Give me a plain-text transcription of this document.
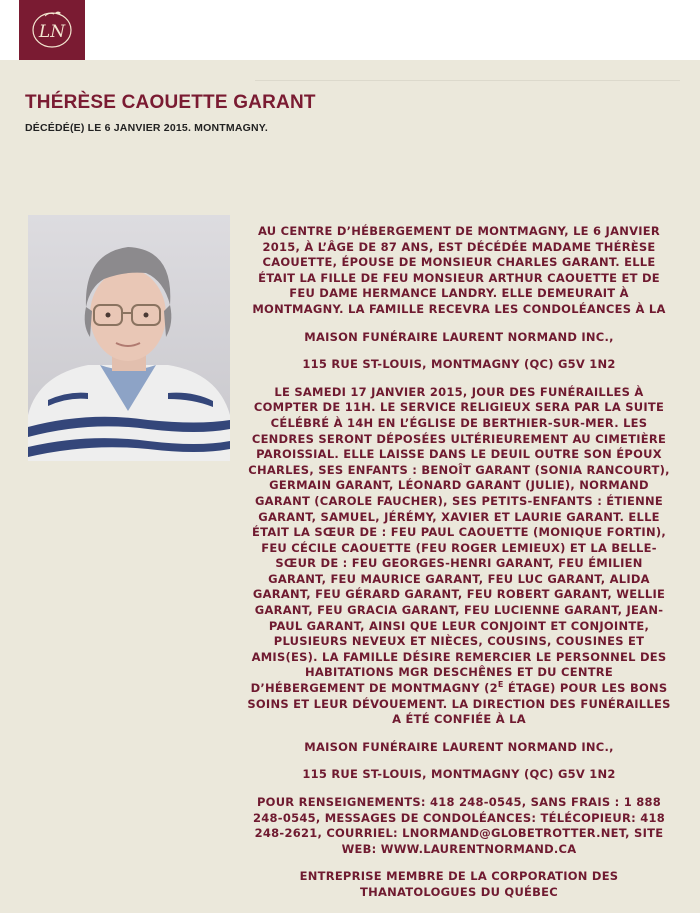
LN
THÉRÈSE CAOUETTE GARANT
DÉCÉDÉ(E) LE 6 JANVIER 2015. MONTMAGNY.

AU CENTRE D’HÉBERGEMENT DE MONTMAGNY, LE 6 JANVIER 2015, À L’ÂGE DE 87 ANS, EST DÉCÉDÉE MADAME THÉRÈSE CAOUETTE, ÉPOUSE DE MONSIEUR CHARLES GARANT. ELLE ÉTAIT LA FILLE DE FEU MONSIEUR ARTHUR CAOUETTE ET DE FEU DAME HERMANCE LANDRY. ELLE DEMEURAIT À MONTMAGNY. LA FAMILLE RECEVRA LES CONDOLÉANCES À LA

MAISON FUNÉRAIRE LAURENT NORMAND INC.,

115 RUE ST-LOUIS, MONTMAGNY (QC) G5V 1N2

LE SAMEDI 17 JANVIER 2015, JOUR DES FUNÉRAILLES À COMPTER DE 11H. LE SERVICE RELIGIEUX SERA PAR LA SUITE CÉLÉBRÉ À 14H EN L’ÉGLISE DE BERTHIER-SUR-MER. LES CENDRES SERONT DÉPOSÉES ULTÉRIEUREMENT AU CIMETIÈRE PAROISSIAL. ELLE LAISSE DANS LE DEUIL OUTRE SON ÉPOUX CHARLES, SES ENFANTS : BENOÎT GARANT (SONIA RANCOURT), GERMAIN GARANT, LÉONARD GARANT (JULIE), NORMAND GARANT (CAROLE FAUCHER), SES PETITS-ENFANTS : ÉTIENNE GARANT, SAMUEL, JÉRÉMY, XAVIER ET LAURIE GARANT. ELLE ÉTAIT LA SŒUR DE : FEU PAUL CAOUETTE (MONIQUE FORTIN), FEU CÉCILE CAOUETTE (FEU ROGER LEMIEUX) ET LA BELLE-SŒUR DE : FEU GEORGES-HENRI GARANT, FEU ÉMILIEN GARANT, FEU MAURICE GARANT, FEU LUC GARANT, ALIDA GARANT, FEU GÉRARD GARANT, FEU ROBERT GARANT, WELLIE GARANT, FEU GRACIA GARANT, FEU LUCIENNE GARANT, JEAN-PAUL GARANT, AINSI QUE LEUR CONJOINT ET CONJOINTE, PLUSIEURS NEVEUX ET NIÈCES, COUSINS, COUSINES ET AMIS(ES). LA FAMILLE DÉSIRE REMERCIER LE PERSONNEL DES HABITATIONS MGR DESCHÊNES ET DU CENTRE D’HÉBERGEMENT DE MONTMAGNY ($2^E$ ÉTAGE) POUR LES BONS SOINS ET LEUR DÉVOUEMENT. LA DIRECTION DES FUNÉRAILLES A ÉTÉ CONFIÉE À LA

MAISON FUNÉRAIRE LAURENT NORMAND INC.,

115 RUE ST-LOUIS, MONTMAGNY (QC) G5V 1N2

POUR RENSEIGNEMENTS: 418 248-0545, SANS FRAIS : 1 888 248-0545, MESSAGES DE CONDOLÉANCES: TÉLÉCOPIEUR: 418 248-2621, COURRIEL: LNORMAND@GLOBETROTTER.NET, SITE WEB: WWW.LAURENTNORMAND.CA

ENTREPRISE MEMBRE DE LA CORPORATION DES THANATOLOGUES DU QUÉBEC
